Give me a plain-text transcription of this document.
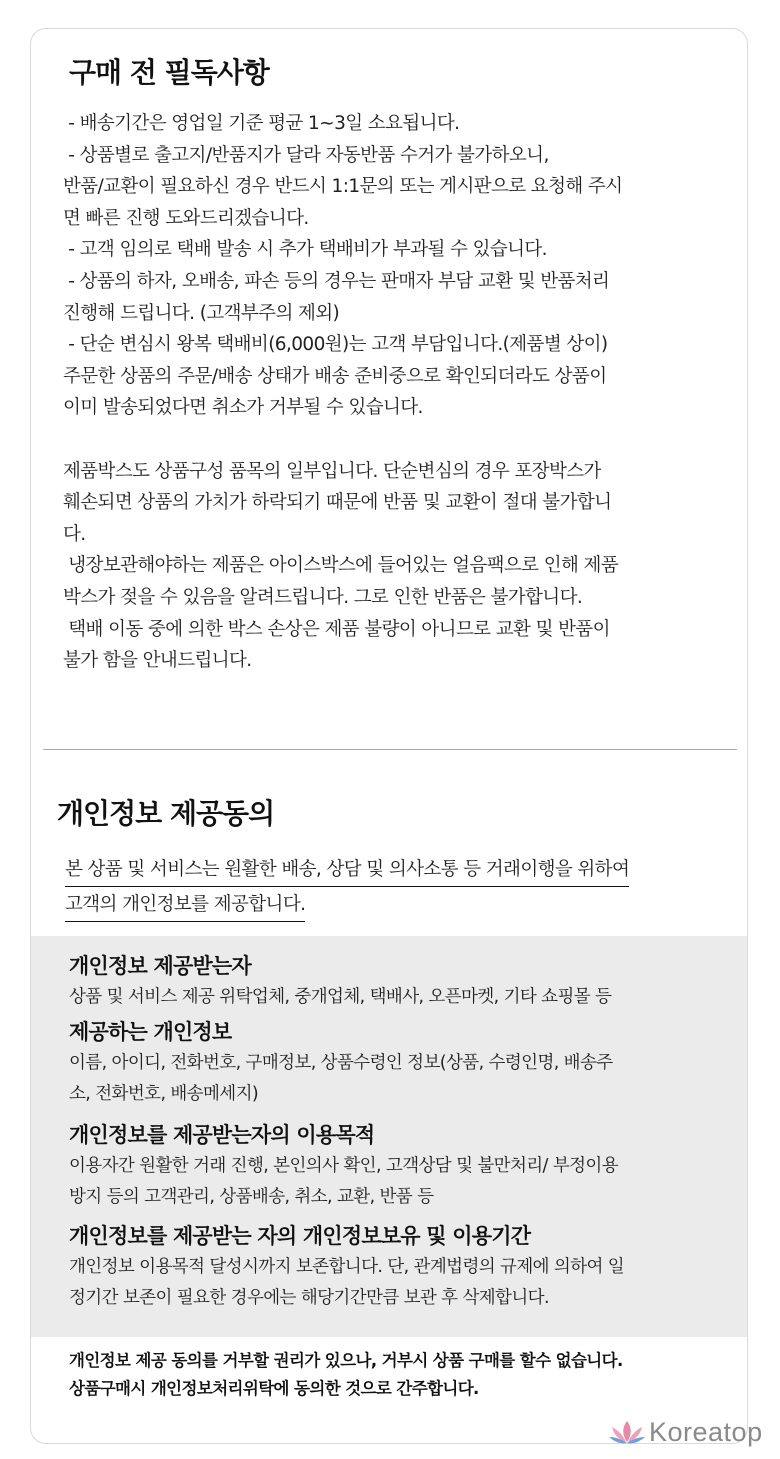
구매 전 필독사항
- 배송기간은 영업일 기준 평균 1~3일 소요됩니다.
- 상품별로 출고지/반품지가 달라 자동반품 수거가 불가하오니,
반품/교환이 필요하신 경우 반드시 1:1문의 또는 게시판으로 요청해 주시
면 빠른 진행 도와드리겠습니다.
- 고객 임의로 택배 발송 시 추가 택배비가 부과될 수 있습니다.
- 상품의 하자, 오배송, 파손 등의 경우는 판매자 부담 교환 및 반품처리
진행해 드립니다. (고객부주의 제외)
- 단순 변심시 왕복 택배비(6,000원)는 고객 부담입니다.(제품별 상이)
주문한 상품의 주문/배송 상태가 배송 준비중으로 확인되더라도 상품이
이미 발송되었다면 취소가 거부될 수 있습니다.
제품박스도 상품구성 품목의 일부입니다. 단순변심의 경우 포장박스가
훼손되면 상품의 가치가 하락되기 때문에 반품 및 교환이 절대 불가합니
다.
냉장보관해야하는 제품은 아이스박스에 들어있는 얼음팩으로 인해 제품
박스가 젖을 수 있음을 알려드립니다. 그로 인한 반품은 불가합니다.
택배 이동 중에 의한 박스 손상은 제품 불량이 아니므로 교환 및 반품이
불가 함을 안내드립니다.
개인정보 제공동의
본 상품 및 서비스는 원활한 배송, 상담 및 의사소통 등 거래이행을 위하여
고객의 개인정보를 제공합니다.
개인정보 제공받는자
상품 및 서비스 제공 위탁업체, 중개업체, 택배사, 오픈마켓, 기타 쇼핑몰 등
제공하는 개인정보
이름, 아이디, 전화번호, 구매정보, 상품수령인 정보(상품, 수령인명, 배송주
소, 전화번호, 배송메세지)
개인정보를 제공받는자의 이용목적
이용자간 원활한 거래 진행, 본인의사 확인, 고객상담 및 불만처리/ 부정이용
방지 등의 고객관리, 상품배송, 취소, 교환, 반품 등
개인정보를 제공받는 자의 개인정보보유 및 이용기간
개인정보 이용목적 달성시까지 보존합니다. 단, 관계법령의 규제에 의하여 일
정기간 보존이 필요한 경우에는 해당기간만큼 보관 후 삭제합니다.
개인정보 제공 동의를 거부할 권리가 있으나, 거부시 상품 구매를 할수 없습니다.
상품구매시 개인정보처리위탁에 동의한 것으로 간주합니다.
Koreatop
